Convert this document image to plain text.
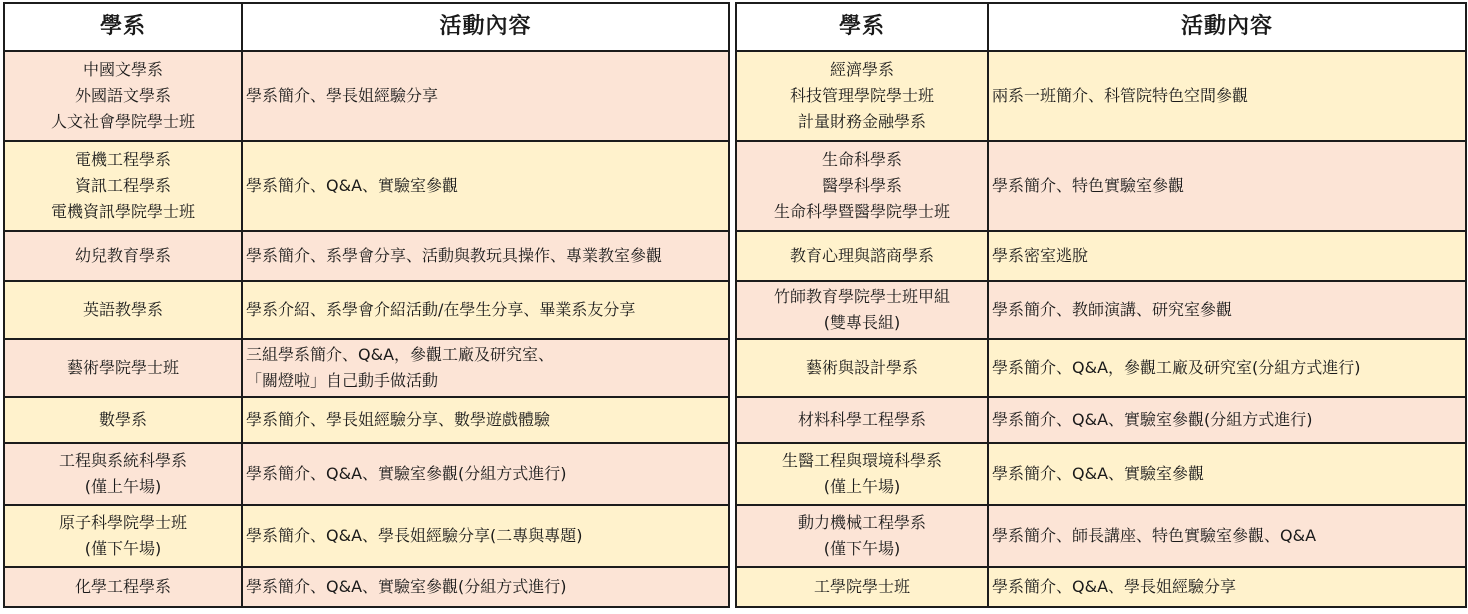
學系	活動內容

中國文學系
外國語文學系
人文社會學院學士班	學系簡介、學長姐經驗分享

電機工程學系
資訊工程學系
電機資訊學院學士班	學系簡介、Q&A、實驗室參觀

幼兒教育學系	學系簡介、系學會分享、活動與教玩具操作、專業教室參觀

英語教學系	學系介紹、系學會介紹活動/在學生分享、畢業系友分享

藝術學院學士班	三組學系簡介、Q&A，參觀工廠及研究室、
「關燈啦」自己動手做活動

數學系	學系簡介、學長姐經驗分享、數學遊戲體驗

工程與系統科學系
(僅上午場)	學系簡介、Q&A、實驗室參觀(分組方式進行)

原子科學院學士班
(僅下午場)	學系簡介、Q&A、學長姐經驗分享(二專與專題)

化學工程學系	學系簡介、Q&A、實驗室參觀(分組方式進行)
學系	活動內容

經濟學系
科技管理學院學士班
計量財務金融學系	兩系一班簡介、科管院特色空間參觀

生命科學系
醫學科學系
生命科學暨醫學院學士班	學系簡介、特色實驗室參觀

教育心理與諮商學系	學系密室逃脫

竹師教育學院學士班甲組
(雙專長組)	學系簡介、教師演講、研究室參觀

藝術與設計學系	學系簡介、Q&A，參觀工廠及研究室(分組方式進行)

材料科學工程學系	學系簡介、Q&A、實驗室參觀(分組方式進行)

生醫工程與環境科學系
(僅上午場)	學系簡介、Q&A、實驗室參觀

動力機械工程學系
(僅下午場)	學系簡介、師長講座、特色實驗室參觀、Q&A

工學院學士班	學系簡介、Q&A、學長姐經驗分享
